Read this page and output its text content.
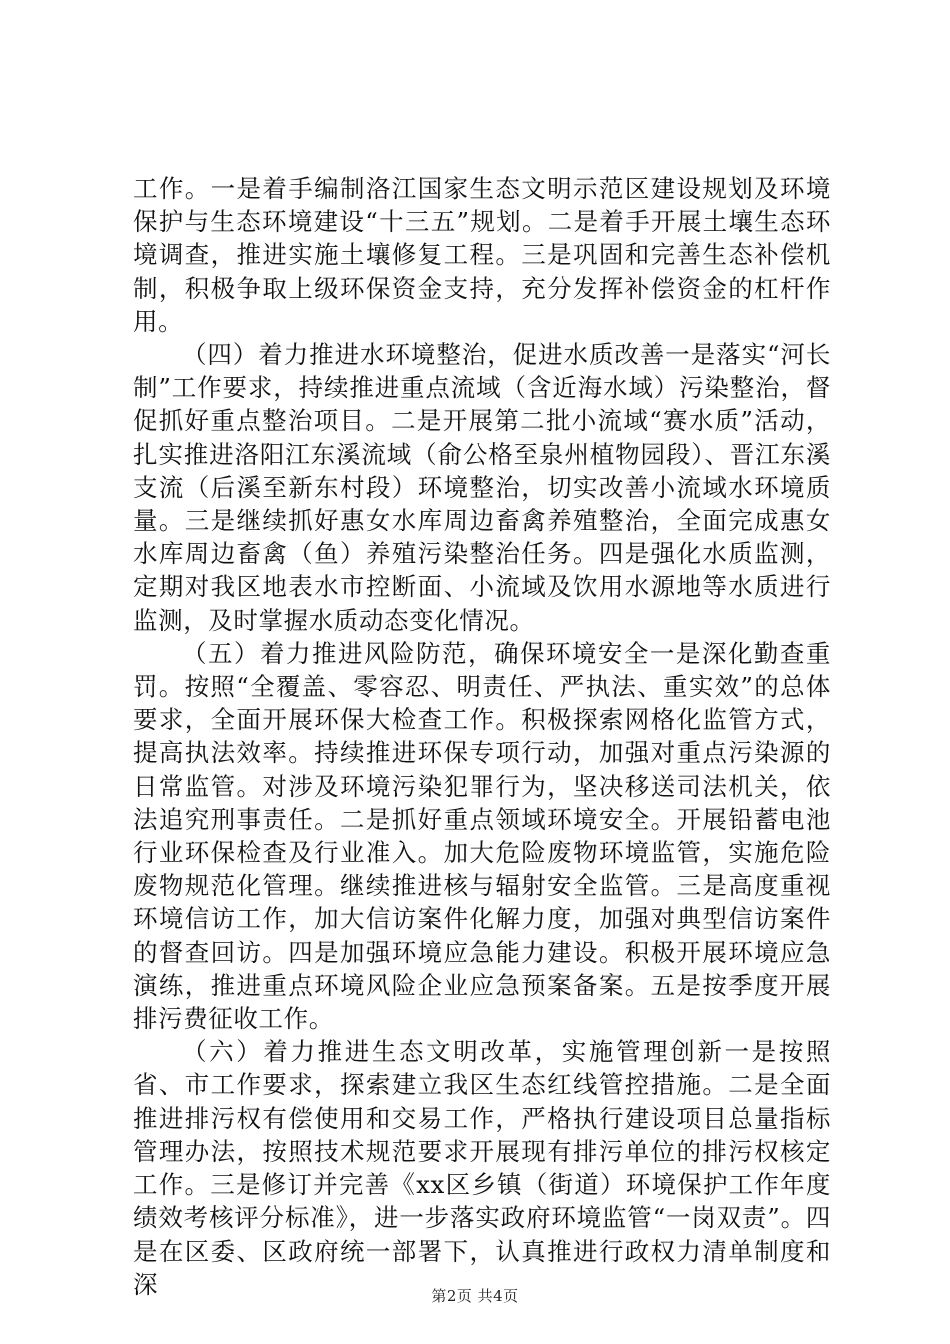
工作。一是着手编制洛江国家生态文明示范区建设规划及环境保护与生态环境建设“十三五”规划。二是着手开展土壤生态环境调查，推进实施土壤修复工程。三是巩固和完善生态补偿机制，积极争取上级环保资金支持，充分发挥补偿资金的杠杆作用。

（四）着力推进水环境整治，促进水质改善一是落实“河长制”工作要求，持续推进重点流域（含近海水域）污染整治，督促抓好重点整治项目。二是开展第二批小流域“赛水质”活动，扎实推进洛阳江东溪流域（俞公格至泉州植物园段）、晋江东溪支流（后溪至新东村段）环境整治，切实改善小流域水环境质量。三是继续抓好惠女水库周边畜禽养殖整治，全面完成惠女水库周边畜禽（鱼）养殖污染整治任务。四是强化水质监测，定期对我区地表水市控断面、小流域及饮用水源地等水质进行监测，及时掌握水质动态变化情况。

（五）着力推进风险防范，确保环境安全一是深化勤查重罚。按照“全覆盖、零容忍、明责任、严执法、重实效”的总体要求，全面开展环保大检查工作。积极探索网格化监管方式，提高执法效率。持续推进环保专项行动，加强对重点污染源的日常监管。对涉及环境污染犯罪行为，坚决移送司法机关，依法追究刑事责任。二是抓好重点领域环境安全。开展铅蓄电池行业环保检查及行业准入。加大危险废物环境监管，实施危险废物规范化管理。继续推进核与辐射安全监管。三是高度重视环境信访工作，加大信访案件化解力度，加强对典型信访案件的督查回访。四是加强环境应急能力建设。积极开展环境应急演练，推进重点环境风险企业应急预案备案。五是按季度开展排污费征收工作。

（六）着力推进生态文明改革，实施管理创新一是按照省、市工作要求，探索建立我区生态红线管控措施。二是全面推进排污权有偿使用和交易工作，严格执行建设项目总量指标管理办法，按照技术规范要求开展现有排污单位的排污权核定工作。三是修订并完善《xx区乡镇（街道）环境保护工作年度绩效考核评分标准》，进一步落实政府环境监管“一岗双责”。四是在区委、区政府统一部署下，认真推进行政权力清单制度和深	第2页 共4页
